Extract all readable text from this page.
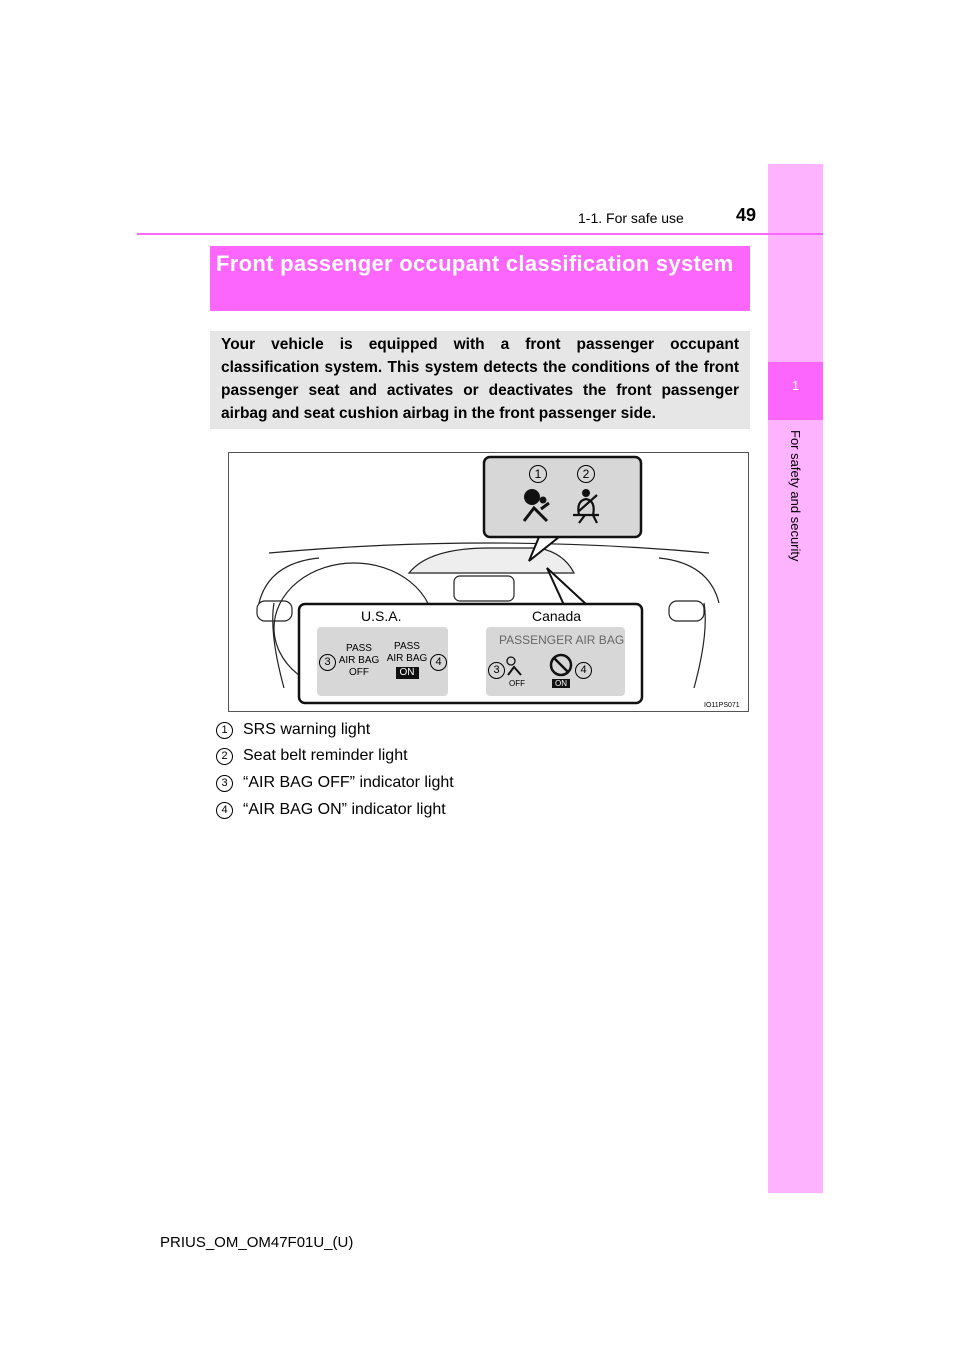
1
For safety and security
1-1. For safe use	49
Front passenger occupant classification system
Your vehicle is equipped with a front passenger occupant classification system. This system detects the conditions of the front passenger seat and activates or deactivates the front passenger airbag and seat cushion airbag in the front passenger side.
1	2
U.S.A.	Canada
PASS
AIR BAG
OFF
PASS
AIR BAG
ON
3	4
PASSENGER AIR BAG
3	4
OFF	ON
IO11PS071
1 SRS warning light
2 Seat belt reminder light
3 “AIR BAG OFF” indicator light
4 “AIR BAG ON” indicator light
PRIUS_OM_OM47F01U_(U)
